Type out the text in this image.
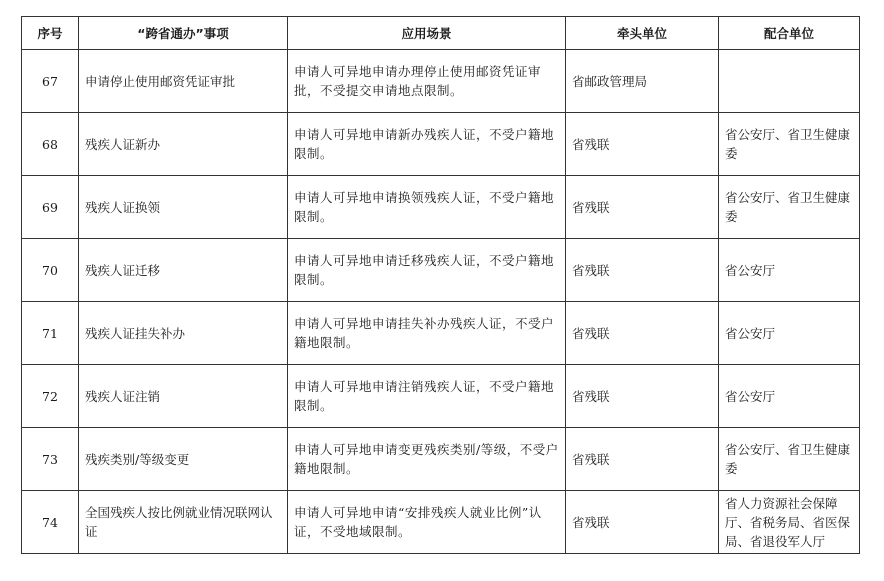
序号	“跨省通办”事项	应用场景	牵头单位	配合单位
67	申请停止使用邮资凭证审批	申请人可异地申请办理停止使用邮资凭证审批，不受提交申请地点限制。	省邮政管理局	
68	残疾人证新办	申请人可异地申请新办残疾人证，不受户籍地限制。	省残联	省公安厅、省卫生健康委
69	残疾人证换领	申请人可异地申请换领残疾人证，不受户籍地限制。	省残联	省公安厅、省卫生健康委
70	残疾人证迁移	申请人可异地申请迁移残疾人证，不受户籍地限制。	省残联	省公安厅
71	残疾人证挂失补办	申请人可异地申请挂失补办残疾人证，不受户籍地限制。	省残联	省公安厅
72	残疾人证注销	申请人可异地申请注销残疾人证，不受户籍地限制。	省残联	省公安厅
73	残疾类别/等级变更	申请人可异地申请变更残疾类别/等级，不受户籍地限制。	省残联	省公安厅、省卫生健康委
74	全国残疾人按比例就业情况联网认证	申请人可异地申请“安排残疾人就业比例”认证，不受地域限制。	省残联	省人力资源社会保障厅、省税务局、省医保局、省退役军人厅
